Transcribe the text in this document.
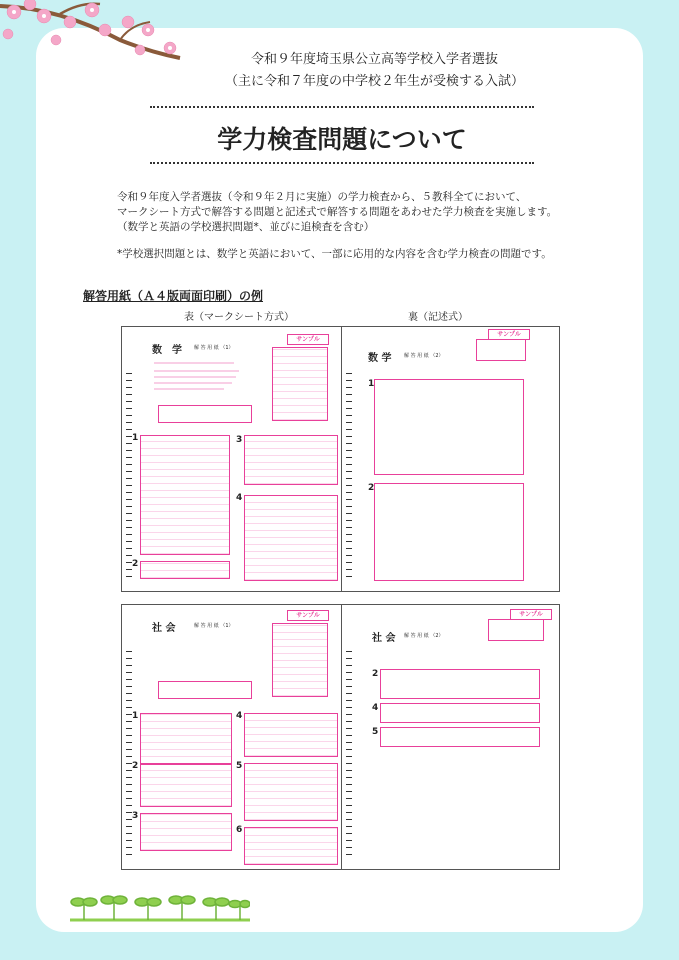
令和９年度埼玉県公立高等学校入学者選抜
（主に令和７年度の中学校２年生が受検する入試）
学力検査問題について
令和９年度入学者選抜（令和９年２月に実施）の学力検査から、５教科全てにおいて、
マークシート方式で解答する問題と記述式で解答する問題をあわせた学力検査を実施します。
（数学と英語の学校選択問題*、並びに追検査を含む）
*学校選択問題とは、数学と英語において、一部に応用的な内容を含む学力検査の問題です。
解答用紙（Ａ４版両面印刷）の例
表（マークシート方式）	裏（記述式）
数　学 解 答 用 紙 （1）
サンプル
1
2
3
4
数 学	解 答 用 紙 （2）
サンプル
1
2
社 会	解 答 用 紙 （1）
サンプル
1
2
3
4
5
6
社 会 解 答 用 紙 （2）
サンプル
2
4
5
